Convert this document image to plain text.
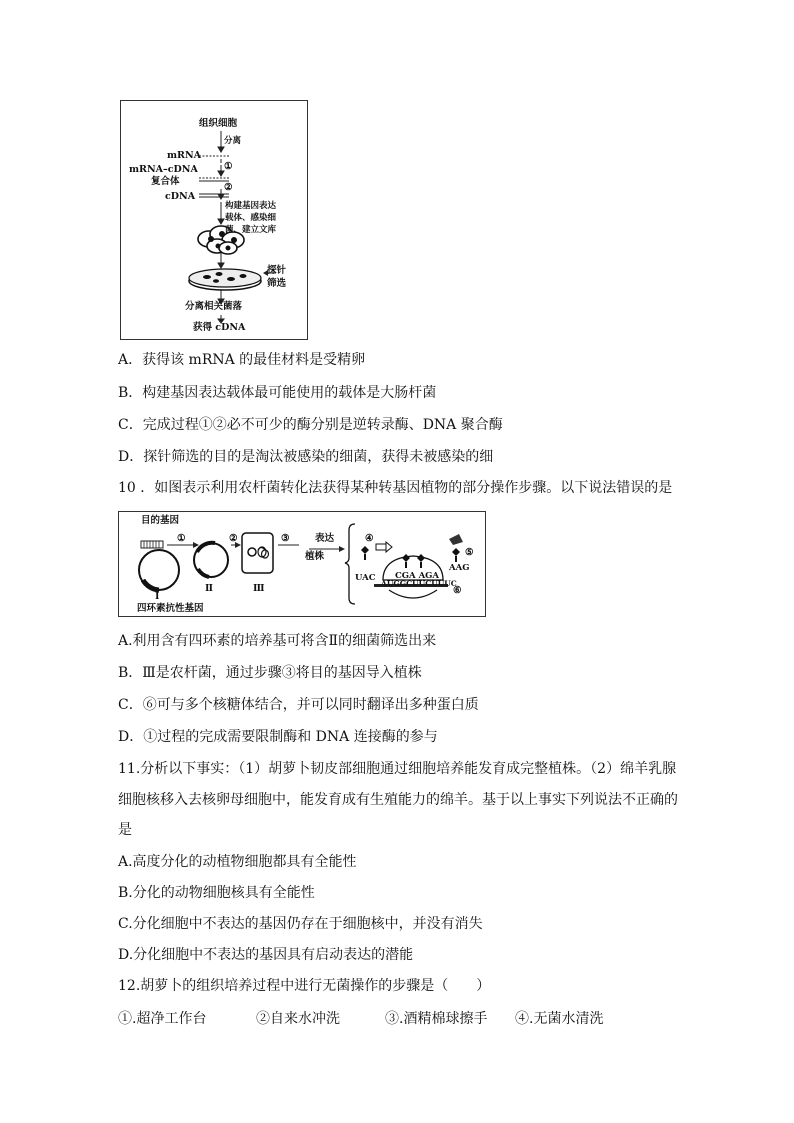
组织细胞
分离
mRNA
①
mRNA–cDNA
复合体
②
cDNA
构建基因表达
载体、感染细
菌、建立文库
探针
筛选
分离相关菌落
获得 cDNA
A．获得该 mRNA 的最佳材料是受精卵
B．构建基因表达载体最可能使用的载体是大肠杆菌
C．完成过程①②必不可少的酶分别是逆转录酶、DNA 聚合酶
D．探针筛选的目的是淘汰被感染的细菌，获得未被感染的细
10 ．如图表示利用农杆菌转化法获得某种转基因植物的部分操作步骤。以下说法错误的是
目的基因
①	②	③	表达
植株
④
⑤
⑥
Ⅰ
Ⅱ	Ⅲ
四环素抗性基因
UAC CGA AGA
AAG
AUGGCUUCUUUC
A.利用含有四环素的培养基可将含Ⅱ的细菌筛选出来
B．Ⅲ是农杆菌，通过步骤③将目的基因导入植株
C．⑥可与多个核糖体结合，并可以同时翻译出多种蛋白质
D．①过程的完成需要限制酶和 DNA 连接酶的参与
11.分析以下事实：（1）胡萝卜韧皮部细胞通过细胞培养能发育成完整植株。（2）绵羊乳腺
细胞核移入去核卵母细胞中，能发育成有生殖能力的绵羊。基于以上事实下列说法不正确的
是
A.高度分化的动植物细胞都具有全能性
B.分化的动物细胞核具有全能性
C.分化细胞中不表达的基因仍存在于细胞核中，并没有消失
D.分化细胞中不表达的基因具有启动表达的潜能
12.胡萝卜的组织培养过程中进行无菌操作的步骤是（　　）
①.超净工作台	②自来水冲洗	③.酒精棉球擦手 ④.无菌水清洗
